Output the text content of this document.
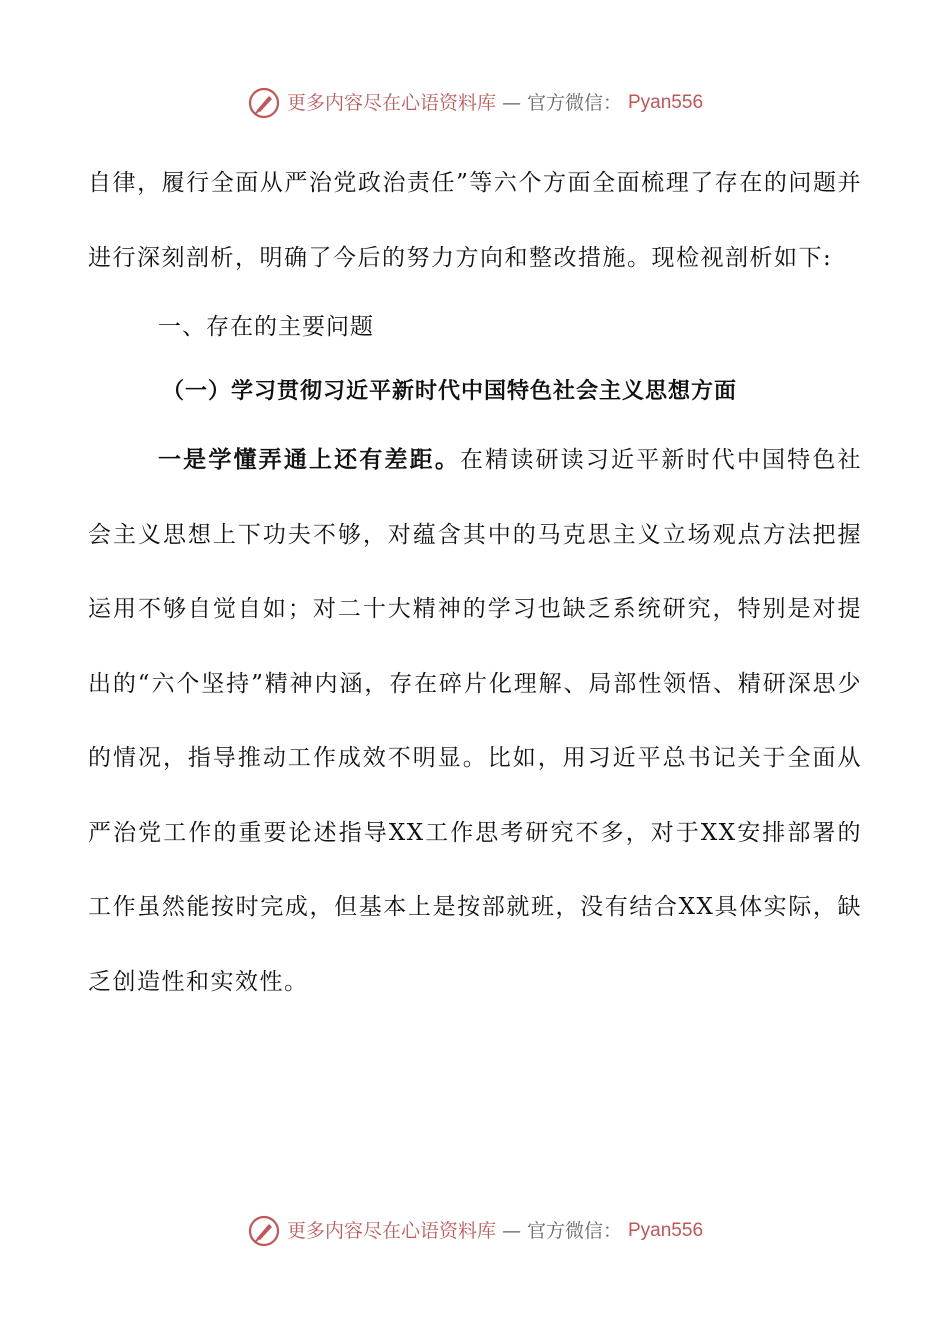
更多内容尽在心语资料库 — 官方微信： Pyan556

自律，履行全面从严治党政治责任”等六个方面全面梳理了存在的问题并进行深刻剖析，明确了今后的努力方向和整改措施。现检视剖析如下:

一、存在的主要问题

（一）学习贯彻习近平新时代中国特色社会主义思想方面

一是学懂弄通上还有差距。在精读研读习近平新时代中国特色社会主义思想上下功夫不够，对蕴含其中的马克思主义立场观点方法把握运用不够自觉自如；对二十大精神的学习也缺乏系统研究，特别是对提出的“六个坚持”精神内涵，存在碎片化理解、局部性领悟、精研深思少的情况，指导推动工作成效不明显。比如，用习近平总书记关于全面从严治党工作的重要论述指导XX工作思考研究不多，对于XX安排部署的工作虽然能按时完成，但基本上是按部就班，没有结合XX具体实际，缺乏创造性和实效性。

更多内容尽在心语资料库 — 官方微信： Pyan556
